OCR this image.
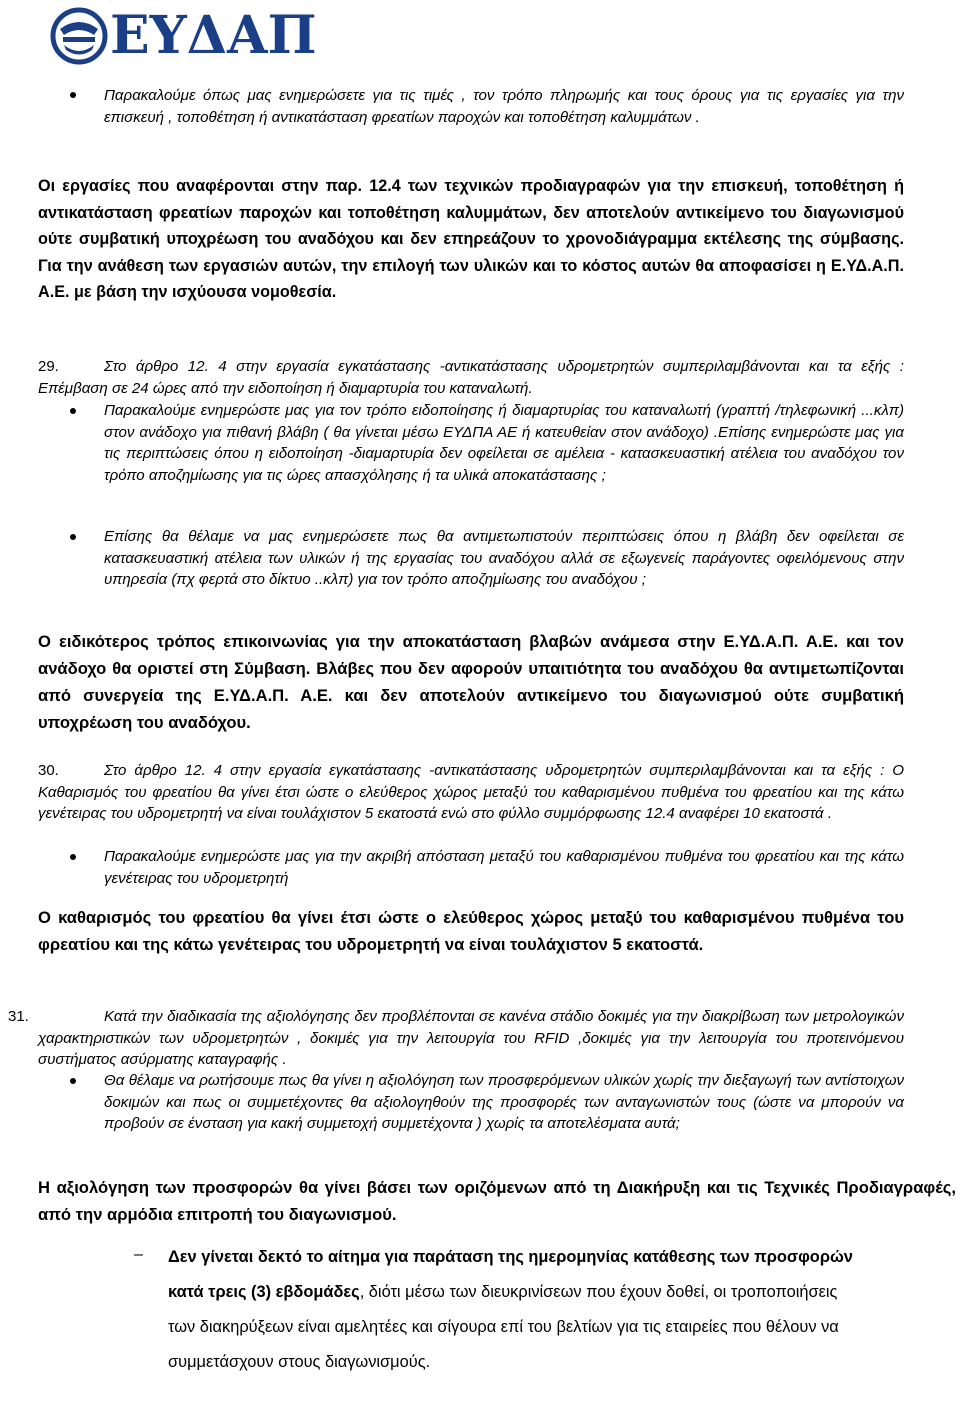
ΕΥΔΑΠ

Παρακαλούμε όπως μας ενημερώσετε για τις τιμές , τον τρόπο πληρωμής και τους όρους για τις εργασίες για την επισκευή , τοποθέτηση ή αντικατάσταση φρεατίων παροχών και τοποθέτηση καλυμμάτων .

Οι εργασίες που αναφέρονται στην παρ. 12.4 των τεχνικών προδιαγραφών για την επισκευή, τοποθέτηση ή αντικατάσταση φρεατίων παροχών και τοποθέτηση καλυμμάτων, δεν αποτελούν αντικείμενο του διαγωνισμού ούτε συμβατική υποχρέωση του αναδόχου και δεν επηρεάζουν το χρονοδιάγραμμα εκτέλεσης της σύμβασης. Για την ανάθεση των εργασιών αυτών, την επιλογή των υλικών και το κόστος αυτών θα αποφασίσει η Ε.ΥΔ.Α.Π. Α.Ε. με βάση την ισχύουσα νομοθεσία.

29.	Στο άρθρο 12. 4 στην εργασία εγκατάστασης -αντικατάστασης υδρομετρητών συμπεριλαμβάνονται και τα εξής : Επέμβαση σε 24 ώρες από την ειδοποίηση ή διαμαρτυρία του καταναλωτή.

Παρακαλούμε ενημερώστε μας για τον τρόπο ειδοποίησης ή διαμαρτυρίας του καταναλωτή (γραπτή /τηλεφωνική ...κλπ) στον ανάδοχο για πιθανή βλάβη ( θα γίνεται μέσω ΕΥΔΠΑ ΑΕ ή κατευθείαν στον ανάδοχο) .Επίσης ενημερώστε μας για τις περιπτώσεις όπου η ειδοποίηση -διαμαρτυρία δεν οφείλεται σε αμέλεια - κατασκευαστική ατέλεια του αναδόχου τον τρόπο αποζημίωσης για τις ώρες απασχόλησης ή τα υλικά αποκατάστασης ;

Επίσης θα θέλαμε να μας ενημερώσετε πως θα αντιμετωπιστούν περιπτώσεις όπου η βλάβη δεν οφείλεται σε κατασκευαστική ατέλεια των υλικών ή της εργασίας του αναδόχου αλλά σε εξωγενείς παράγοντες οφειλόμενους στην υπηρεσία (πχ φερτά στο δίκτυο ..κλπ) για τον τρόπο αποζημίωσης του αναδόχου ;

Ο ειδικότερος τρόπος επικοινωνίας για την αποκατάσταση βλαβών ανάμεσα στην Ε.ΥΔ.Α.Π. Α.Ε. και τον ανάδοχο θα οριστεί στη Σύμβαση. Βλάβες που δεν αφορούν υπαιτιότητα του αναδόχου θα αντιμετωπίζονται από συνεργεία της Ε.ΥΔ.Α.Π. Α.Ε. και δεν αποτελούν αντικείμενο του διαγωνισμού ούτε συμβατική υποχρέωση του αναδόχου.

30.	Στο άρθρο 12. 4 στην εργασία εγκατάστασης -αντικατάστασης υδρομετρητών συμπεριλαμβάνονται και τα εξής : Ο Καθαρισμός του φρεατίου θα γίνει έτσι ώστε ο ελεύθερος χώρος μεταξύ του καθαρισμένου πυθμένα του φρεατίου και της κάτω γενέτειρας του υδρομετρητή να είναι τουλάχιστον 5 εκατοστά ενώ στο φύλλο συμμόρφωσης 12.4 αναφέρει 10 εκατοστά .

Παρακαλούμε ενημερώστε μας για την ακριβή απόσταση μεταξύ του καθαρισμένου πυθμένα του φρεατίου και της κάτω γενέτειρας του υδρομετρητή

Ο καθαρισμός του φρεατίου θα γίνει έτσι ώστε ο ελεύθερος χώρος μεταξύ του καθαρισμένου πυθμένα του φρεατίου και της κάτω γενέτειρας του υδρομετρητή να είναι τουλάχιστον 5 εκατοστά.

31.	Κατά την διαδικασία της αξιολόγησης δεν προβλέπονται σε κανένα στάδιο δοκιμές για την διακρίβωση των μετρολογικών χαρακτηριστικών των υδρομετρητών , δοκιμές για την λειτουργία του RFID ,δοκιμές για την λειτουργία του προτεινόμενου συστήματος ασύρματης καταγραφής .

Θα θέλαμε να ρωτήσουμε πως θα γίνει η αξιολόγηση των προσφερόμενων υλικών χωρίς την διεξαγωγή των αντίστοιχων δοκιμών και πως οι συμμετέχοντες θα αξιολογηθούν της προσφορές των ανταγωνιστών τους (ώστε να μπορούν να προβούν σε ένσταση για κακή συμμετοχή συμμετέχοντα ) χωρίς τα αποτελέσματα αυτά;

Η αξιολόγηση των προσφορών θα γίνει βάσει των οριζόμενων από τη Διακήρυξη και τις Τεχνικές Προδιαγραφές, από την αρμόδια επιτροπή του διαγωνισμού.

– Δεν γίνεται δεκτό το αίτημα για παράταση της ημερομηνίας κατάθεσης των προσφορών κατά τρεις (3) εβδομάδες, διότι μέσω των διευκρινίσεων που έχουν δοθεί, οι τροποποιήσεις των διακηρύξεων είναι αμελητέες και σίγουρα επί του βελτίων για τις εταιρείες που θέλουν να συμμετάσχουν στους διαγωνισμούς.
